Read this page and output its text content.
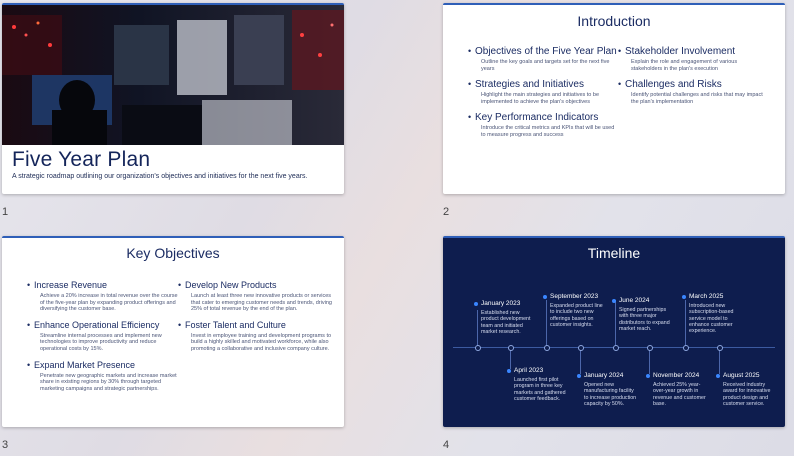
Five Year Plan
A strategic roadmap outlining our organization's objectives and initiatives for the next five years.
1
Introduction
• Objectives of the Five Year Plan
Outline the key goals and targets set for the next five years
• Strategies and Initiatives
Highlight the main strategies and initiatives to be implemented to achieve the plan's objectives
• Key Performance Indicators
Introduce the critical metrics and KPIs that will be used to measure progress and success
• Stakeholder Involvement
Explain the role and engagement of various stakeholders in the plan's execution
• Challenges and Risks
Identify potential challenges and risks that may impact the plan's implementation
2
Key Objectives
• Increase Revenue
Achieve a 20% increase in total revenue over the course of the five-year plan by expanding product offerings and diversifying the customer base.
• Enhance Operational Efficiency
Streamline internal processes and implement new technologies to improve productivity and reduce operational costs by 15%.
• Expand Market Presence
Penetrate new geographic markets and increase market share in existing regions by 30% through targeted marketing campaigns and strategic partnerships.
• Develop New Products
Launch at least three new innovative products or services that cater to emerging customer needs and trends, driving 25% of total revenue by the end of the plan.
• Foster Talent and Culture
Invest in employee training and development programs to build a highly skilled and motivated workforce, while also promoting a collaborative and inclusive company culture.
3
Timeline
January 2023
Established new product development team and initiated market research.
September 2023
Expanded product line to include two new offerings based on customer insights.
June 2024
Signed partnerships with three major distributors to expand market reach.
March 2025
Introduced new subscription-based service model to enhance customer experience.
April 2023
Launched first pilot program in three key markets and gathered customer feedback.
January 2024
Opened new manufacturing facility to increase production capacity by 50%.
November 2024
Achieved 25% year-over-year growth in revenue and customer base.
August 2025
Received industry award for innovative product design and customer service.
4
